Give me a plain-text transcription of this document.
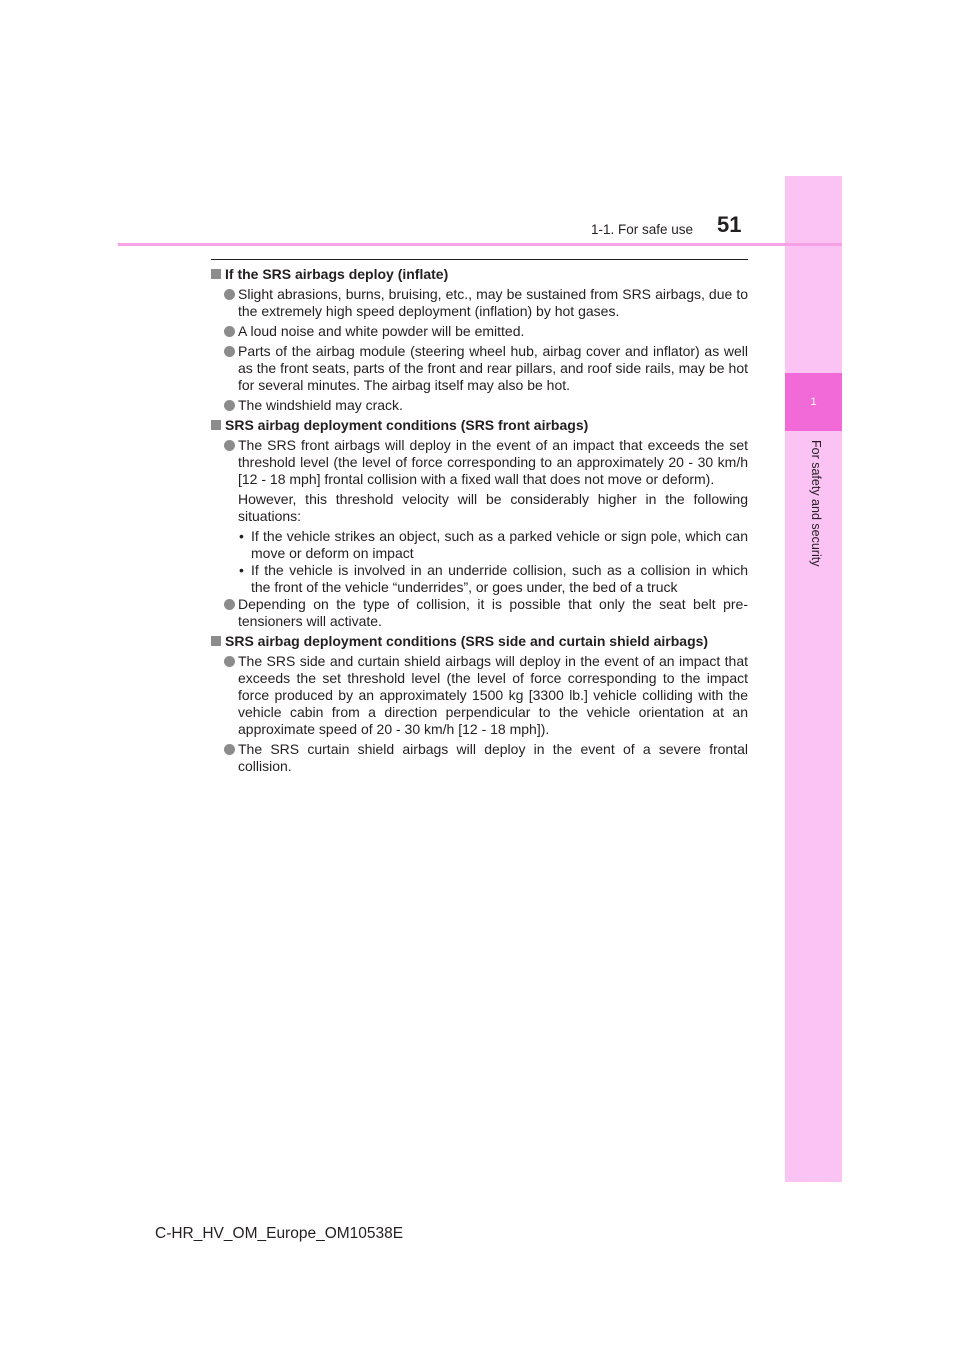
1
For safety and security
1-1. For safe use 51
If the SRS airbags deploy (inflate)
Slight abrasions, burns, bruising, etc., may be sustained from SRS airbags, due to the extremely high speed deployment (inflation) by hot gases.
A loud noise and white powder will be emitted.
Parts of the airbag module (steering wheel hub, airbag cover and inflator) as well as the front seats, parts of the front and rear pillars, and roof side rails, may be hot for several minutes. The airbag itself may also be hot.
The windshield may crack.
SRS airbag deployment conditions (SRS front airbags)
The SRS front airbags will deploy in the event of an impact that exceeds the set threshold level (the level of force corresponding to an approximately 20 - 30 km/h [12 - 18 mph] frontal collision with a fixed wall that does not move or deform).
However, this threshold velocity will be considerably higher in the following situations:
• If the vehicle strikes an object, such as a parked vehicle or sign pole, which can move or deform on impact
• If the vehicle is involved in an underride collision, such as a collision in which the front of the vehicle “underrides”, or goes under, the bed of a truck
Depending on the type of collision, it is possible that only the seat belt pre-tensioners will activate.
SRS airbag deployment conditions (SRS side and curtain shield airbags)
The SRS side and curtain shield airbags will deploy in the event of an impact that exceeds the set threshold level (the level of force corresponding to the impact force produced by an approximately 1500 kg [3300 lb.] vehicle colliding with the vehicle cabin from a direction perpendicular to the vehicle orientation at an approximate speed of 20 - 30 km/h [12 - 18 mph]).
The SRS curtain shield airbags will deploy in the event of a severe frontal collision.
C-HR_HV_OM_Europe_OM10538E
